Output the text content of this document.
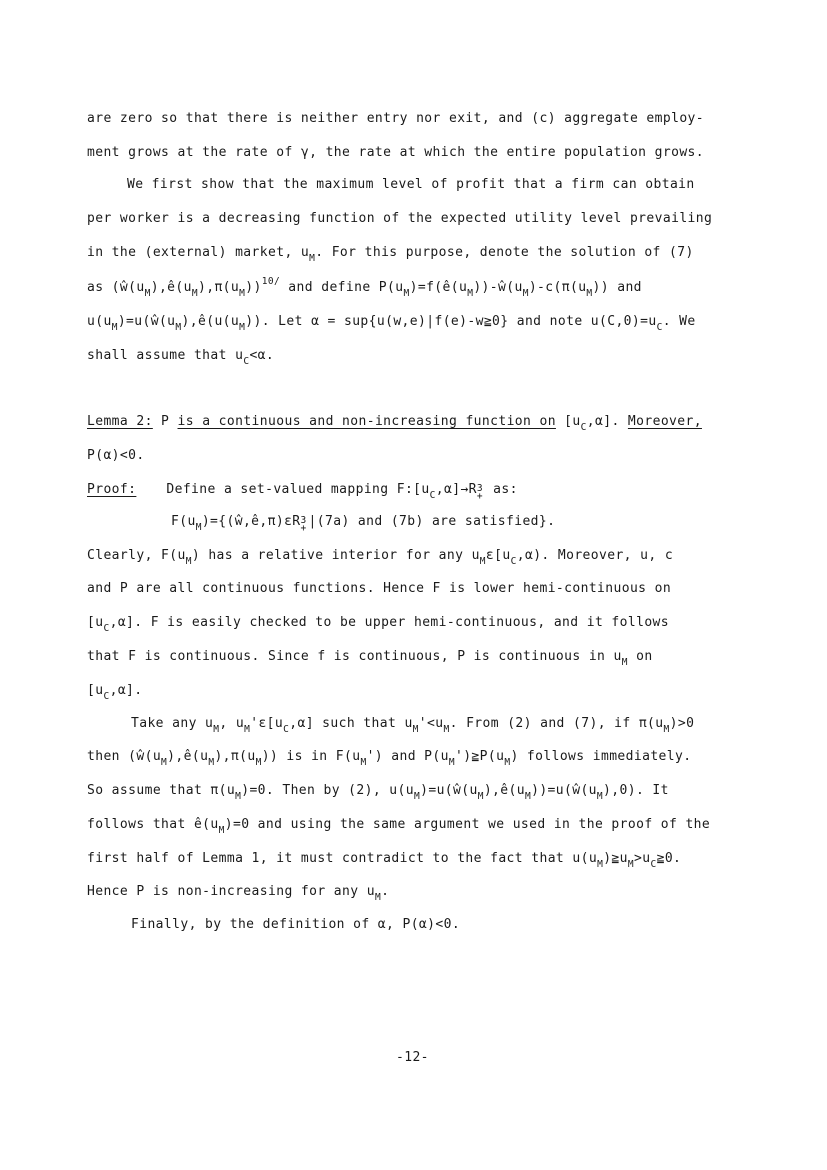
are zero so that there is neither entry nor exit, and (c) aggregate employ-
ment grows at the rate of γ, the rate at which the entire population grows.
We first show that the maximum level of profit that a firm can obtain
per worker is a decreasing function of the expected utility level prevailing
in the (external) market, $u_M$. For this purpose, denote the solution of (7)
as $(ŵ(u_M),ê(u_M),\pi(u_M))^{10/}$ and define $P(u_M)=f(ê(u_M))-ŵ(u_M)-c(\pi(u_M))$ and
$u(u_M)=u(ŵ(u_M),ê(u(u_M))$. Let α = sup{u(w,e)|f(e)-w≧0} and note $u(C,0)=u_C$. We
shall assume that $u_C<\alpha$.
Lemma 2: P is a continuous and non-increasing function on $[u_C,\alpha]$. Moreover,
P(α)<0.
Proof: Define a set-valued mapping $F:[u_C,\alpha]\to R$ 3
+ as:
$F(u_M)=\{(ŵ,ê,\pi)\varepsilon R$ 3
+ |(7a) and (7b) are satisfied}.
Clearly, $F(u_M)$ has a relative interior for any $u_M\varepsilon[u_C,\alpha)$. Moreover, u, c
and P are all continuous functions. Hence F is lower hemi-continuous on
$[u_C,\alpha]$. F is easily checked to be upper hemi-continuous, and it follows
that F is continuous. Since f is continuous, P is continuous in $u_M$ on
$[u_C,\alpha]$.
Take any $u_M$, $u_M'\varepsilon[u_C,\alpha]$ such that $u_M'<u_M$. From (2) and (7), if $\pi(u_M)>0$
then $(ŵ(u_M),ê(u_M),\pi(u_M))$ is in $F(u_M')$ and $P(u_M')≧P(u_M)$ follows immediately.
So assume that $\pi(u_M)=0$. Then by (2), $u(u_M)=u(ŵ(u_M),ê(u_M))=u(ŵ(u_M),0)$. It
follows that $ê(u_M)=0$ and using the same argument we used in the proof of the
first half of Lemma 1, it must contradict to the fact that $u(u_M)≧u_M>u_C≧0$.
Hence P is non-increasing for any $u_M$.
Finally, by the definition of α, P(α)<0.
-12-
